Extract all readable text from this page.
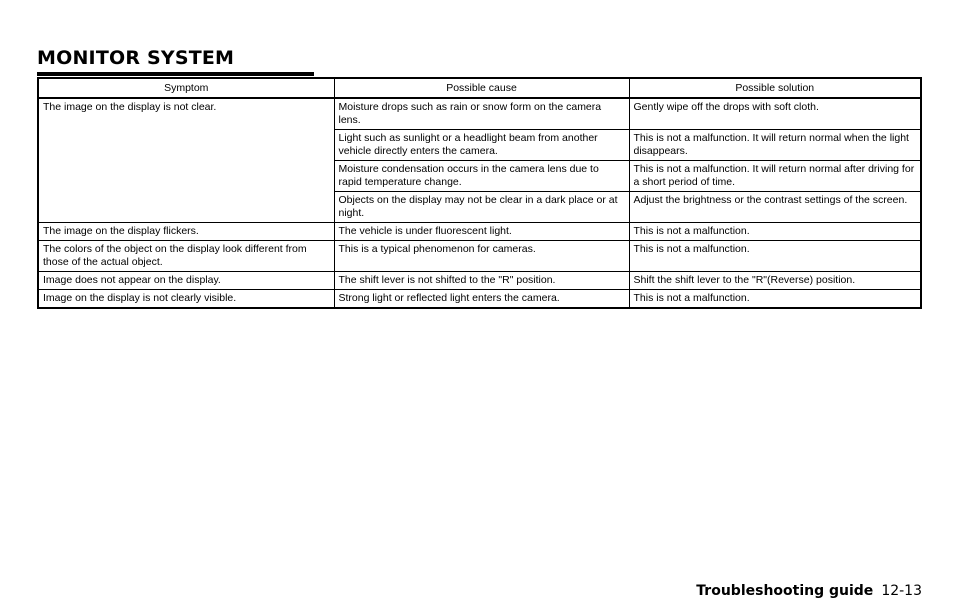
MONITOR SYSTEM
Symptom	Possible cause	Possible solution
The image on the display is not clear.	Moisture drops such as rain or snow form on the camera lens.	Gently wipe off the drops with soft cloth.
	Light such as sunlight or a headlight beam from another vehicle directly enters the camera.	This is not a malfunction. It will return normal when the light disappears.
	Moisture condensation occurs in the camera lens due to rapid temperature change.	This is not a malfunction. It will return normal after driving for a short period of time.
	Objects on the display may not be clear in a dark place or at night.	Adjust the brightness or the contrast settings of the screen.
The image on the display flickers.	The vehicle is under fluorescent light.	This is not a malfunction.
The colors of the object on the display look different from those of the actual object.	This is a typical phenomenon for cameras.	This is not a malfunction.
Image does not appear on the display.	The shift lever is not shifted to the "R" position.	Shift the shift lever to the "R"(Reverse) position.
Image on the display is not clearly visible.	Strong light or reflected light enters the camera.	This is not a malfunction.
Troubleshooting guide 12-13
